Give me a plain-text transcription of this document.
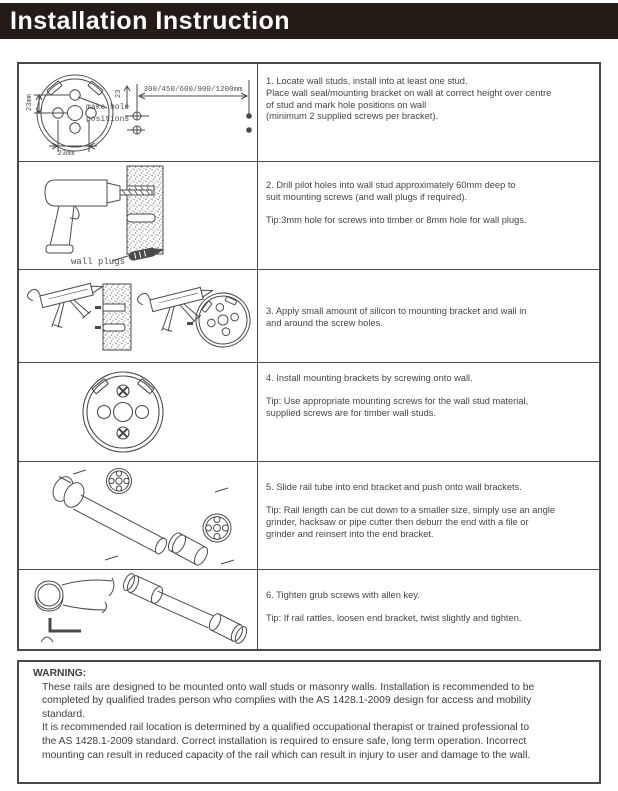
Installation Instruction
make hole
positions
23mm
23mm
23	300/450/600/900/1200mm
1. Locate wall studs, install into at least one stud.
Place wall seal/mounting bracket on wall at correct height over centre
of stud and mark hole positions on wall
(minimum 2 supplied screws per bracket).
wall plugs
2. Drill pilot holes into wall stud approximately 60mm deep to
suit mounting screws (and wall plugs if required).
Tip:3mm hole for screws into timber or 8mm hole for wall plugs.
3. Apply small amount of silicon to mounting bracket and wall in
and around the screw holes.
4. Install mounting brackets by screwing onto wall.
Tip: Use appropriate mounting screws for the wall stud material,
supplied screws are for timber wall studs.
5. Slide rail tube into end bracket and push onto wall brackets.
Tip: Rail length can be cut down to a smaller size, simply use an angle
grinder, hacksaw or pipe cutter then deburr the end with a file or
grinder and reinsert into the end bracket.
6. Tighten grub screws with allen key.
Tip: If rail rattles, loosen end bracket, twist slightly and tighten.
WARNING:
These rails are designed to be mounted onto wall studs or masonry walls. Installation is recommended to be
completed by qualified trades person who complies with the AS 1428.1-2009 design for access and mobility
standard.
It is recommended rail location is determined by a qualified occupational therapist or trained professional to
the AS 1428.1-2009 standard. Correct installation is required to ensure safe, long term operation. Incorrect
mounting can result in reduced capacity of the rail which can result in injury to user and damage to the wall.
